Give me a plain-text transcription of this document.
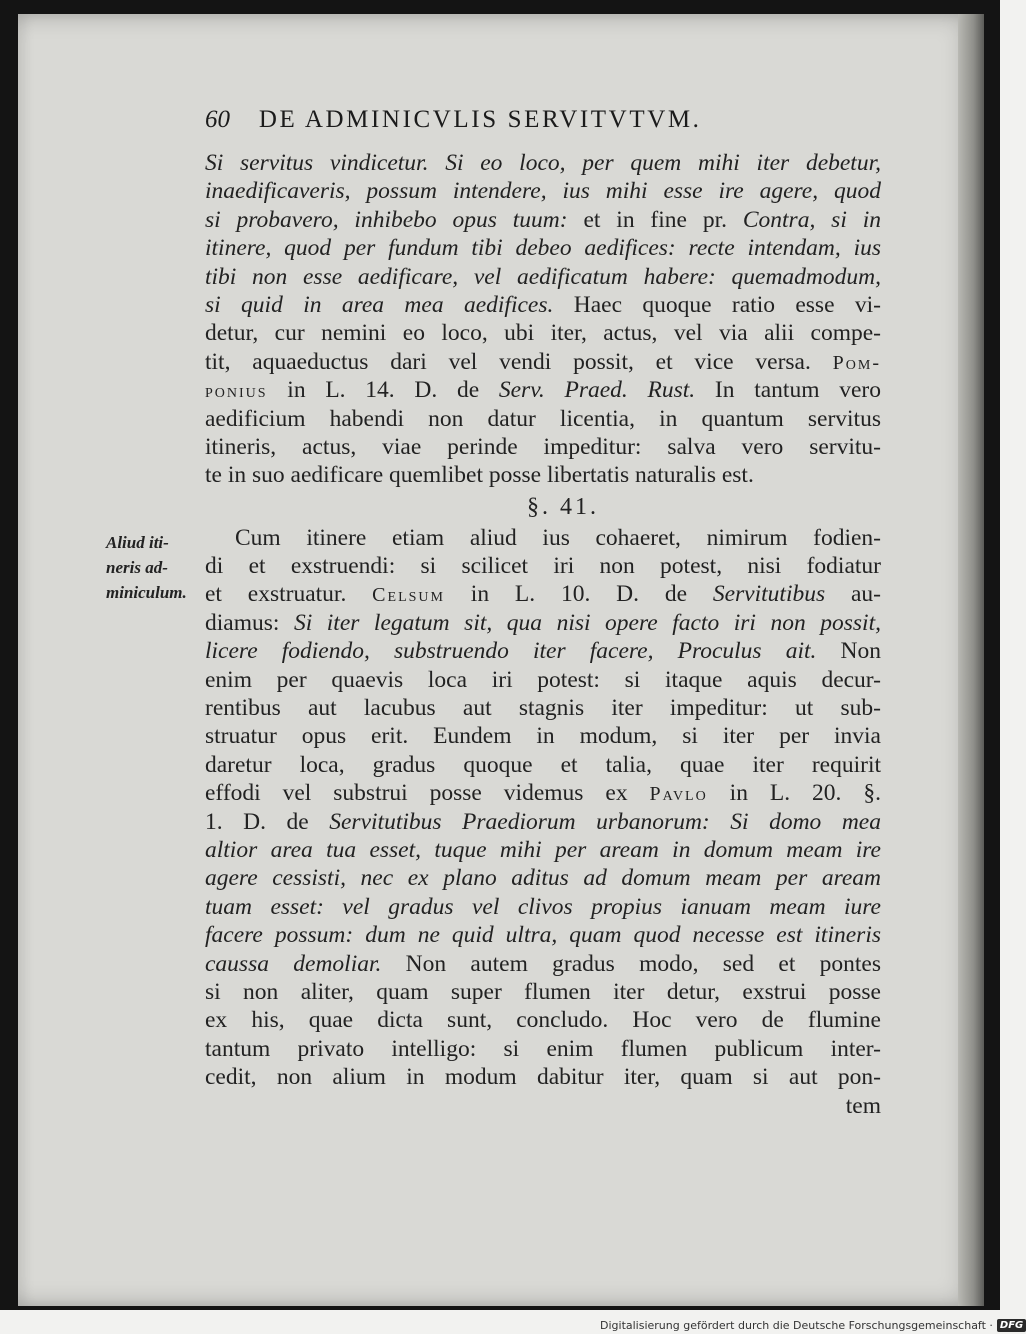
60 DE ADMINICVLIS SERVITVTVM.
Aliud iti-
neris ad-
miniculum.
Si servitus vindicetur. Si eo loco, per quem mihi iter debetur,
inaedificaveris, possum intendere, ius mihi esse ire agere, quod
si probavero, inhibebo opus tuum: et in fine pr. Contra, si in
itinere, quod per fundum tibi debeo aedifices: recte intendam, ius
tibi non esse aedificare, vel aedificatum habere: quemadmodum,
si quid in area mea aedifices. Haec quoque ratio esse vi-
detur, cur nemini eo loco, ubi iter, actus, vel via alii compe-
tit, aquaeductus dari vel vendi possit, et vice versa. Pom-
ponius in L. 14. D. de Serv. Praed. Rust. In tantum vero
aedificium habendi non datur licentia, in quantum servitus
itineris, actus, viae perinde impeditur: salva vero servitu-
te in suo aedificare quemlibet posse libertatis naturalis est.
§. 41.
Cum itinere etiam aliud ius cohaeret, nimirum fodien-
di et exstruendi: si scilicet iri non potest, nisi fodiatur
et exstruatur. Celsum in L. 10. D. de Servitutibus au-
diamus: Si iter legatum sit, qua nisi opere facto iri non possit,
licere fodiendo, substruendo iter facere, Proculus ait. Non
enim per quaevis loca iri potest: si itaque aquis decur-
rentibus aut lacubus aut stagnis iter impeditur: ut sub-
struatur opus erit. Eundem in modum, si iter per invia
daretur loca, gradus quoque et talia, quae iter requirit
effodi vel substrui posse videmus ex Pavlo in L. 20. §.
1. D. de Servitutibus Praediorum urbanorum: Si domo mea
altior area tua esset, tuque mihi per aream in domum meam ire
agere cessisti, nec ex plano aditus ad domum meam per aream
tuam esset: vel gradus vel clivos propius ianuam meam iure
facere possum: dum ne quid ultra, quam quod necesse est itineris
caussa demoliar. Non autem gradus modo, sed et pontes
si non aliter, quam super flumen iter detur, exstrui posse
ex his, quae dicta sunt, concludo. Hoc vero de flumine
tantum privato intelligo: si enim flumen publicum inter-
cedit, non alium in modum dabitur iter, quam si aut pon-
tem
Digitalisierung gefördert durch die Deutsche Forschungsgemeinschaft · DFG
